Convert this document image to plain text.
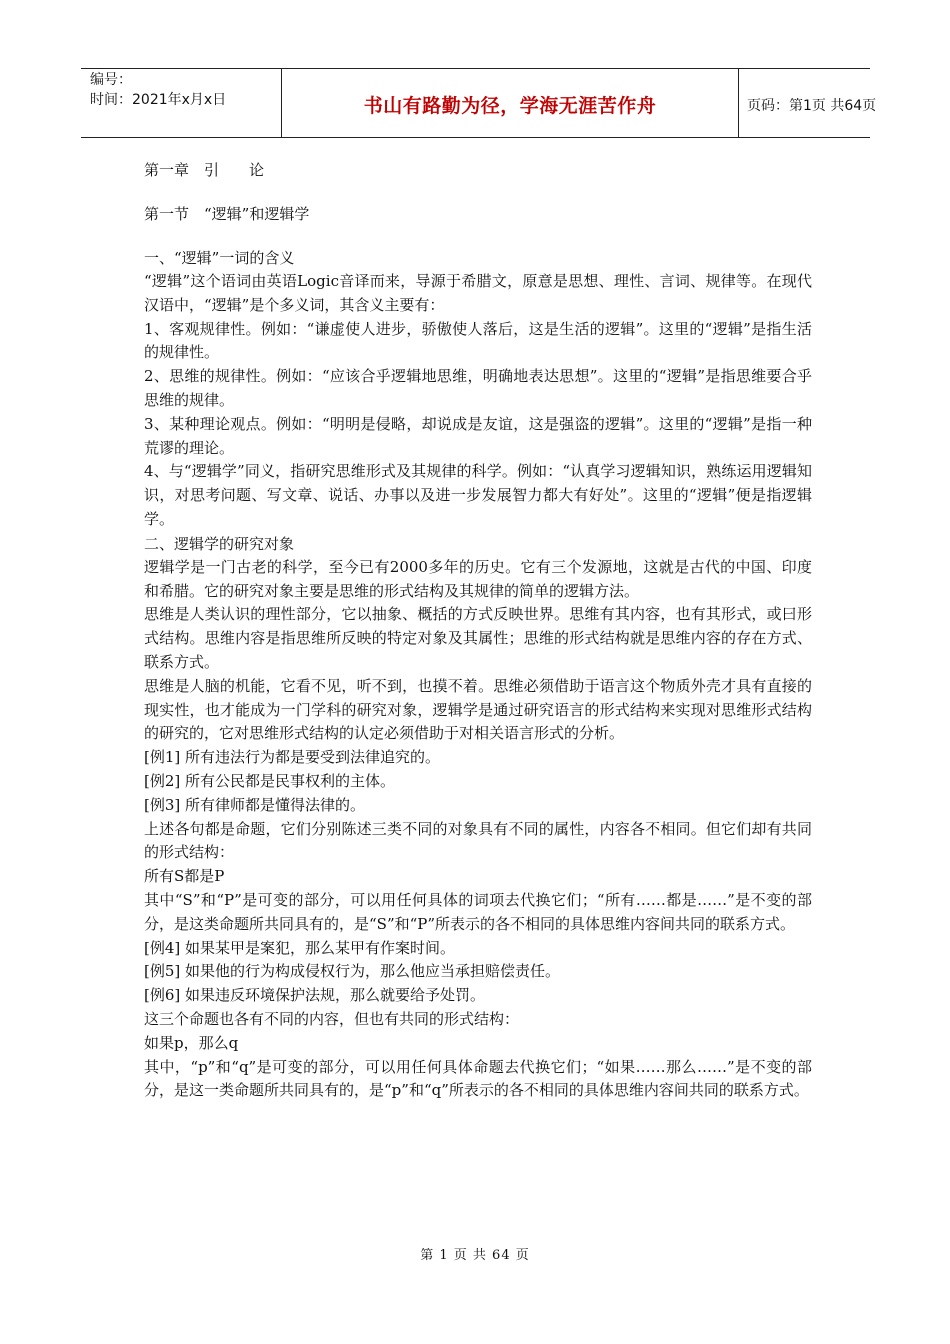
编号：
时间：2021年x月x日	书山有路勤为径，学海无涯苦作舟	页码：第1页 共64页
第一章　引　　论
第一节　“逻辑”和逻辑学
一、“逻辑”一词的含义

“逻辑”这个语词由英语Logic音译而来，导源于希腊文，原意是思想、理性、言词、规律等。在现代汉语中，“逻辑”是个多义词，其含义主要有：

1、客观规律性。例如：“谦虚使人进步，骄傲使人落后，这是生活的逻辑”。这里的“逻辑”是指生活的规律性。

2、思维的规律性。例如：“应该合乎逻辑地思维，明确地表达思想”。这里的“逻辑”是指思维要合乎思维的规律。

3、某种理论观点。例如：“明明是侵略，却说成是友谊，这是强盗的逻辑”。这里的“逻辑”是指一种荒谬的理论。

4、与“逻辑学”同义，指研究思维形式及其规律的科学。例如：“认真学习逻辑知识，熟练运用逻辑知识，对思考问题、写文章、说话、办事以及进一步发展智力都大有好处”。这里的“逻辑”便是指逻辑学。

二、逻辑学的研究对象

逻辑学是一门古老的科学，至今已有2000多年的历史。它有三个发源地，这就是古代的中国、印度和希腊。它的研究对象主要是思维的形式结构及其规律的简单的逻辑方法。

思维是人类认识的理性部分，它以抽象、概括的方式反映世界。思维有其内容，也有其形式，或曰形式结构。思维内容是指思维所反映的特定对象及其属性；思维的形式结构就是思维内容的存在方式、联系方式。

思维是人脑的机能，它看不见，听不到，也摸不着。思维必须借助于语言这个物质外壳才具有直接的现实性，也才能成为一门学科的研究对象，逻辑学是通过研究语言的形式结构来实现对思维形式结构的研究的，它对思维形式结构的认定必须借助于对相关语言形式的分析。

[例1] 所有违法行为都是要受到法律追究的。

[例2] 所有公民都是民事权利的主体。

[例3] 所有律师都是懂得法律的。

上述各句都是命题，它们分别陈述三类不同的对象具有不同的属性，内容各不相同。但它们却有共同的形式结构：

所有S都是P

其中“S”和“P”是可变的部分，可以用任何具体的词项去代换它们；“所有……都是……”是不变的部分，是这类命题所共同具有的，是“S”和“P”所表示的各不相同的具体思维内容间共同的联系方式。

[例4] 如果某甲是案犯，那么某甲有作案时间。

[例5] 如果他的行为构成侵权行为，那么他应当承担赔偿责任。

[例6] 如果违反环境保护法规，那么就要给予处罚。

这三个命题也各有不同的内容，但也有共同的形式结构：

如果p，那么q

其中，“p”和“q”是可变的部分，可以用任何具体命题去代换它们；“如果……那么……”是不变的部分，是这一类命题所共同具有的，是“p”和“q”所表示的各不相同的具体思维内容间共同的联系方式。

第 1 页 共 64 页
